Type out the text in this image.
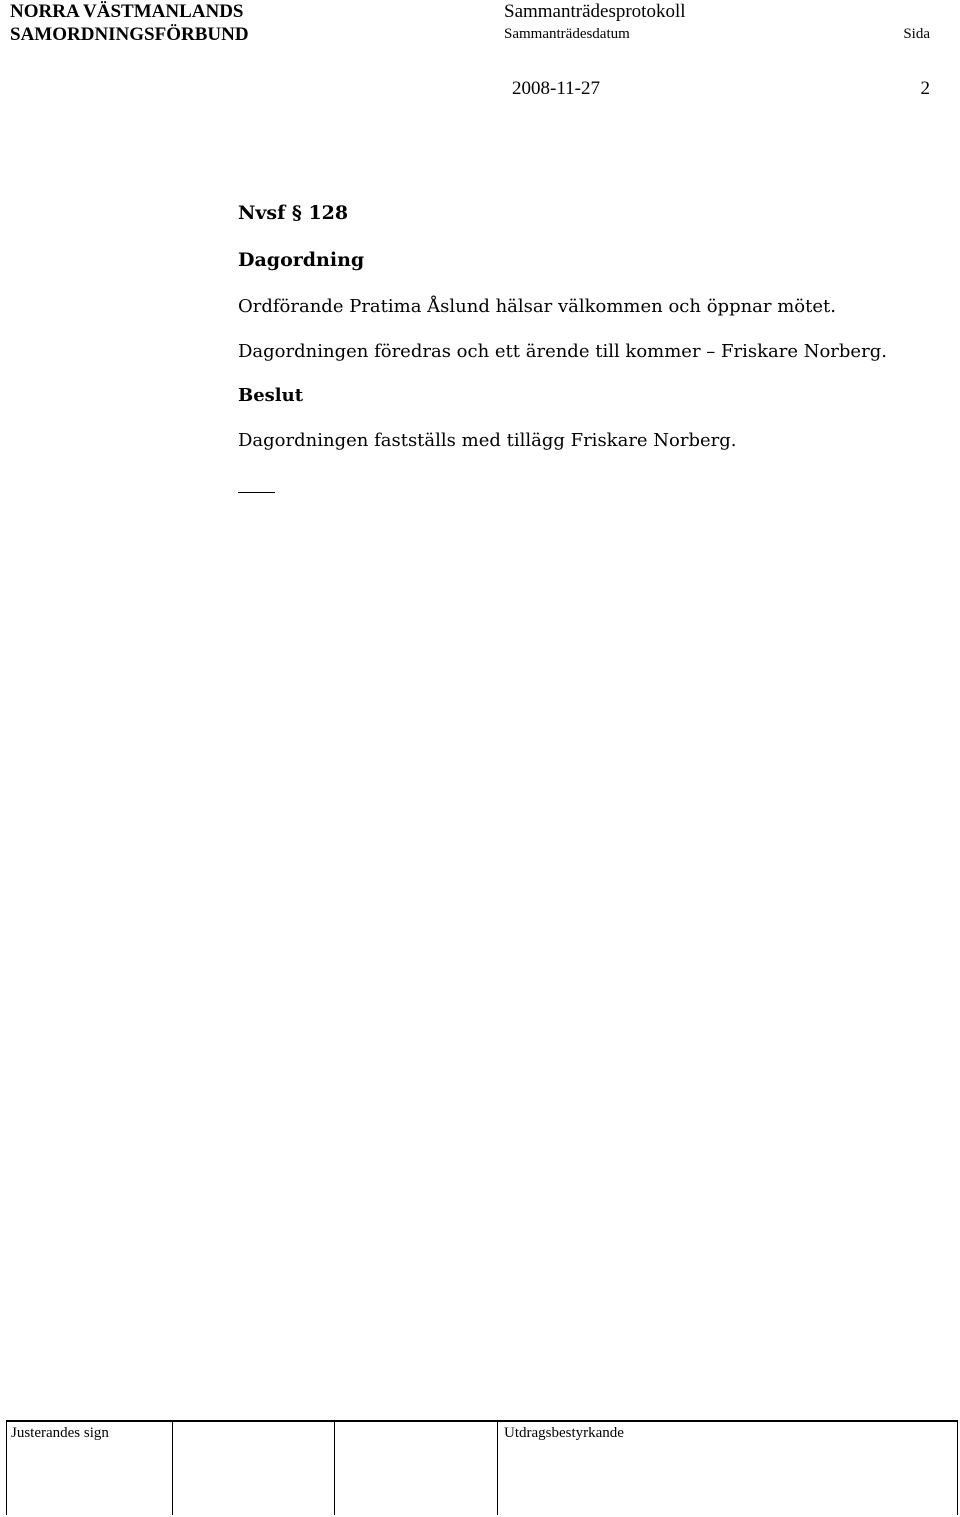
NORRA VÄSTMANLANDS
SAMORDNINGSFÖRBUND
Sammanträdesprotokoll
Sammanträdesdatum	Sida
2008-11-27	2
Nvsf § 128
Dagordning
Ordförande Pratima Åslund hälsar välkommen och öppnar mötet.
Dagordningen föredras och ett ärende till kommer – Friskare Norberg.
Beslut
Dagordningen fastställs med tillägg Friskare Norberg.
Justerandes sign	Utdragsbestyrkande
